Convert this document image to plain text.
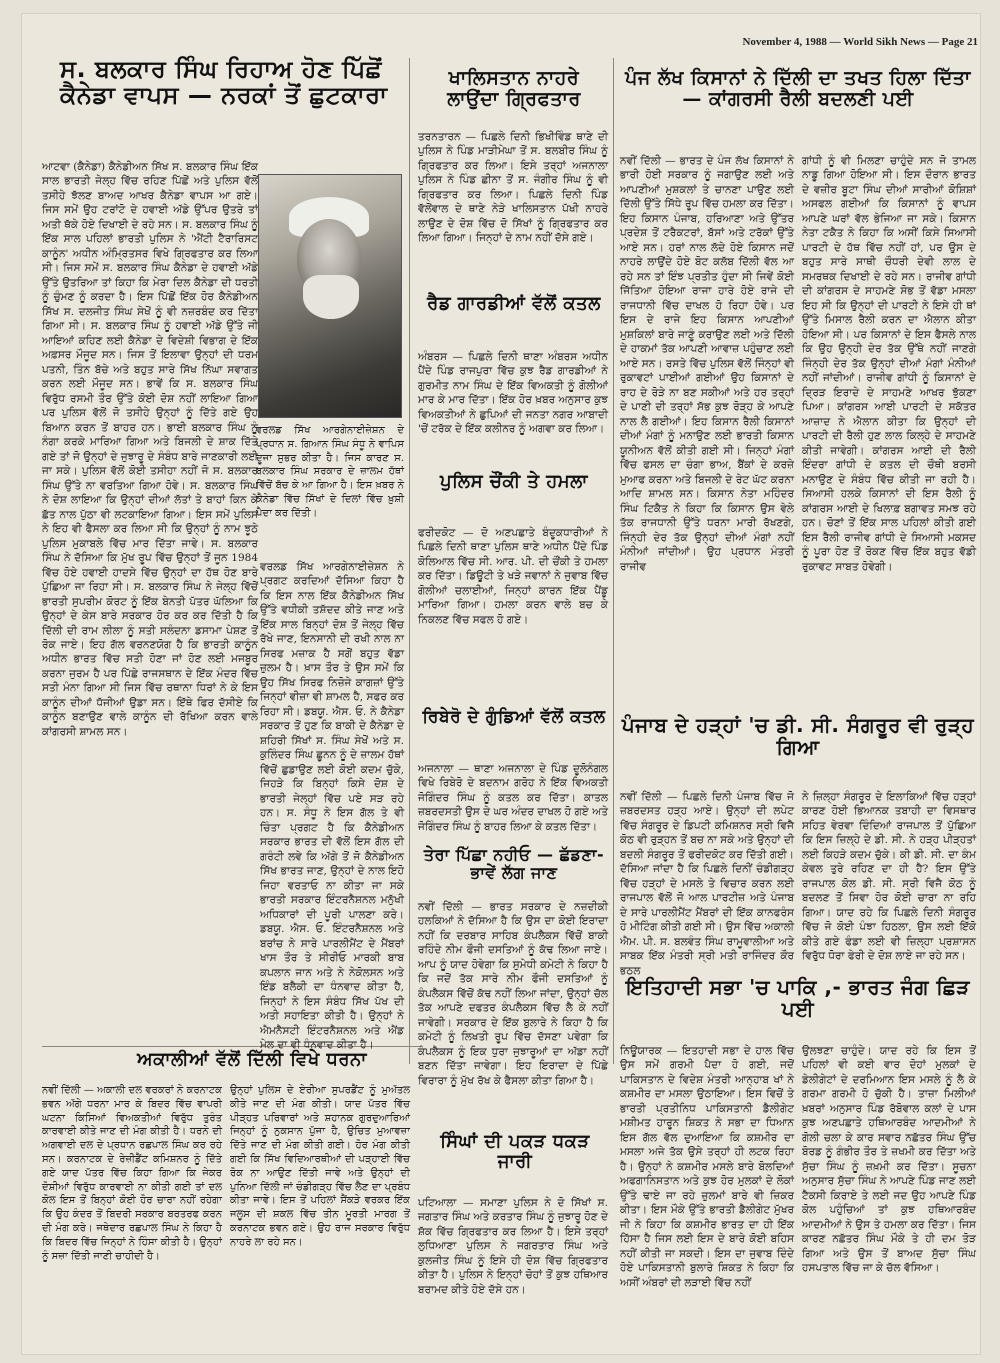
November 4, 1988 — World Sikh News — Page 21
ਸ. ਬਲਕਾਰ ਸਿੰਘ ਰਿਹਾਅ ਹੋਣ ਪਿੱਛੋਂ ਕੈਨੇਡਾ ਵਾਪਸ — ਨਰਕਾਂ ਤੋਂ ਛੁਟਕਾਰਾ
ਆਟਵਾ (ਕੈਨੇਡਾ) ਕੈਨੇਡੀਅਨ ਸਿੱਖ ਸ. ਬਲਕਾਰ ਸਿੰਘ ਇੱਕ ਸਾਲ ਭਾਰਤੀ ਜੇਲ੍ਹ ਵਿੱਚ ਰਹਿਣ ਪਿੱਛੋਂ ਅਤੇ ਪੁਲਿਸ ਵੱਲੋਂ ਤਸੀਹੇ ਝੱਲਣ ਬਾਅਦ ਆਖਰ ਕੈਨੇਡਾ ਵਾਪਸ ਆ ਗਏ। ਜਿਸ ਸਮੇਂ ਉਹ ਟਰਾਂਟੋ ਦੇ ਹਵਾਈ ਅੱਡੇ ਉੱਪਰ ਉਤਰੇ ਤਾਂ ਅਤੀ ਥੱਕੇ ਹੋਏ ਦਿਖਾਈ ਦੇ ਰਹੇ ਸਨ। ਸ. ਬਲਕਾਰ ਸਿੰਘ ਨੂੰ ਇੱਕ ਸਾਲ ਪਹਿਲਾਂ ਭਾਰਤੀ ਪੁਲਿਸ ਨੇ 'ਐਂਟੀ ਟੈਰਾਰਿਸਟ ਕਾਨੂੰਨ' ਅਧੀਨ ਅੰਮ੍ਰਿਤਸਰ ਵਿਖੇ ਗ੍ਰਿਫਤਾਰ ਕਰ ਲਿਆ ਸੀ। ਜਿਸ ਸਮੇਂ ਸ. ਬਲਕਾਰ ਸਿੰਘ ਕੈਨੇਡਾ ਦੇ ਹਵਾਈ ਅੱਡੇ ਉੱਤੇ ਉਤਰਿਆ ਤਾਂ ਕਿਹਾ ਕਿ ਮੇਰਾ ਦਿਲ ਕੈਨੇਡਾ ਦੀ ਧਰਤੀ ਨੂੰ ਚੁੰਮਣ ਨੂੰ ਕਰਦਾ ਹੈ। ਇਸ ਪਿੱਛੋਂ ਇੱਕ ਹੋਰ ਕੈਨੇਡੀਅਨ ਸਿੱਖ ਸ. ਦਲਜੀਤ ਸਿੰਘ ਸੇਖੋਂ ਨੂੰ ਵੀ ਨਜ਼ਰਬੰਦ ਕਰ ਦਿੱਤਾ ਗਿਆ ਸੀ। ਸ. ਬਲਕਾਰ ਸਿੰਘ ਨੂੰ ਹਵਾਈ ਅੱਡੇ ਉੱਤੇ ਜੀ ਆਇਆਂ ਕਹਿਣ ਲਈ ਕੈਨੇਡਾ ਦੇ ਵਿਦੇਸ਼ੀ ਵਿਭਾਗ ਦੇ ਇੱਕ ਅਫ਼ਸਰ ਮੌਜੂਦ ਸਨ। ਜਿਸ ਤੋਂ ਇਲਾਵਾ ਉਨ੍ਹਾਂ ਦੀ ਧਰਮ ਪਤਨੀ, ਤਿੰਨ ਬੱਚੇ ਅਤੇ ਬਹੁਤ ਸਾਰੇ ਸਿੱਖ ਨਿੱਘਾ ਸਵਾਗਤ ਕਰਨ ਲਈ ਮੌਜੂਦ ਸਨ। ਭਾਵੇਂ ਕਿ ਸ. ਬਲਕਾਰ ਸਿੰਘ ਵਿਰੁੱਧ ਰਸਮੀ ਤੌਰ ਉੱਤੇ ਕੋਈ ਦੋਸ਼ ਨਹੀਂ ਲਾਇਆ ਗਿਆ ਪਰ ਪੁਲਿਸ ਵੱਲੋਂ ਜੋ ਤਸੀਹੇ ਉਨ੍ਹਾਂ ਨੂੰ ਦਿੱਤੇ ਗਏ ਉਹ ਬਿਆਨ ਕਰਨ ਤੋਂ ਬਾਹਰ ਹਨ। ਭਾਈ ਬਲਕਾਰ ਸਿੰਘ ਨੂੰ ਨੰਗਾ ਕਰਕੇ ਮਾਰਿਆ ਗਿਆ ਅਤੇ ਬਿਜਲੀ ਦੇ ਸ਼ਾਕ ਦਿੱਤੇ ਗਏ ਤਾਂ ਜੋ ਉਨ੍ਹਾਂ ਦੇ ਜੁਝਾਰੂ ਦੇ ਸੰਬੰਧ ਬਾਰੇ ਜਾਣਕਾਰੀ ਲਈ ਜਾ ਸਕੇ। ਪੁਲਿਸ ਵੱਲੋਂ ਕੋਈ ਤਸੀਹਾ ਨਹੀਂ ਜੋ ਸ. ਬਲਕਾਰ ਸਿੰਘ ਉੱਤੇ ਨਾ ਵਰਤਿਆ ਗਿਆ ਹੋਵੇ। ਸ. ਬਲਕਾਰ ਸਿੰਘ ਨੇ ਦੋਸ਼ ਲਾਇਆ ਕਿ ਉਨ੍ਹਾਂ ਦੀਆਂ ਲੱਤਾਂ ਤੇ ਬਾਹਾਂ ਕਿਨ ਕੇ ਛੱਤ ਨਾਲ ਪੁੱਠਾ ਵੀ ਲਟਕਾਇਆ ਗਿਆ। ਇਸ ਸਮੇਂ ਪੁਲਿਸ ਨੇ ਇਹ ਵੀ ਫੈਸਲਾ ਕਰ ਲਿਆ ਸੀ ਕਿ ਉਨ੍ਹਾਂ ਨੂੰ ਨਾਮ ਝੂਠੇ ਪੁਲਿਸ ਮੁਕਾਬਲੇ ਵਿੱਚ ਮਾਰ ਦਿੱਤਾ ਜਾਵੇ। ਸ. ਬਲਕਾਰ ਸਿੰਘ ਨੇ ਦੱਸਿਆ ਕਿ ਮੁੱਖ ਰੂਪ ਵਿੱਚ ਉਨ੍ਹਾਂ ਤੋਂ ਜੂਨ 1984 ਵਿੱਚ ਹੋਏ ਹਵਾਈ ਹਾਦਸੇ ਵਿੱਚ ਉਨ੍ਹਾਂ ਦਾ ਹੱਥ ਹੋਣ ਬਾਰੇ ਪੁੱਛਿਆ ਜਾ ਰਿਹਾ ਸੀ। ਸ. ਬਲਕਾਰ ਸਿੰਘ ਨੇ ਜੇਲ੍ਹ ਵਿੱਚੋਂ ਭਾਰਤੀ ਸੁਪਰੀਮ ਕੋਰਟ ਨੂੰ ਇੱਕ ਬੇਨਤੀ ਪੱਤਰ ਘੱਲਿਆ ਕਿ ਉਨ੍ਹਾਂ ਦੇ ਕੇਸ ਬਾਰੇ ਸਰਕਾਰ ਹੋਰ ਕਰ ਕਰ ਦਿੱਤੀ ਹੈ ਕਿ ਦਿੱਲੀ ਦੀ ਰਾਮ ਲੀਲਾ ਨੂੰ ਸਤੀ ਸਲੰਦਨਾ ਡਸਾਮਾ ਪੇਸ਼ਣ ਤੋਂ ਰੋਕ ਜਾਏ। ਇਹ ਗੱਲ ਵਰਨਣਯੋਗ ਹੈ ਕਿ ਭਾਰਤੀ ਕਾਨੂੰਨ ਅਧੀਨ ਭਾਰਤ ਵਿੱਚ ਸਤੀ ਹੋਣਾ ਜਾਂ ਹੋਣ ਲਈ ਮਜਬੂਰ ਕਰਨਾ ਜੁਰਮ ਹੈ ਪਰ ਪਿੱਛੇ ਰਾਜਸਥਾਨ ਦੇ ਇੱਕ ਮੰਦਰ ਵਿੱਚ ਸਤੀ ਮੰਨਾ ਗਿਆ ਸੀ ਜਿਸ ਵਿੱਚ ਰਥਾਨਾ ਧਿਰਾਂ ਨੇ ਕੇ ਇਸ ਕਾਨੂੰਨ ਦੀਆਂ ਧੱਜੀਆਂ ਉਡਾ ਸਨ। ਇੱਥੇ ਫਿਰ ਦੱਸੀਏ ਕਿ ਕਾਨੂੰਨ ਬਣਾਉਣ ਵਾਲੇ ਕਾਨੂੰਨ ਦੀ ਰੱਖਿਆ ਕਰਨ ਵਾਲੇ ਕਾਂਗਰਸੀ ਸ਼ਾਮਲ ਸਨ।
ਵਰਲਡ ਸਿੱਖ ਆਰਗੇਨਾਈਜ਼ੇਸ਼ਨ ਦੇ ਪ੍ਰਧਾਨ ਸ. ਗਿਆਨ ਸਿੰਘ ਸੰਧੂ ਨੇ ਵਾਪਿਸ ਦੂਜਾ ਸੁਭਰ ਕੀਤਾ ਹੈ। ਜਿਸ ਕਾਰਣ ਸ. ਬਲਕਾਰ ਸਿੰਘ ਸਰਕਾਰ ਦੇ ਜ਼ਾਲਮ ਹੱਥਾਂ ਵਿੱਚੋਂ ਬੱਚ ਕੇ ਆ ਗਿਆ ਹੈ। ਇਸ ਖ਼ਬਰ ਨੇ ਕੈਨੇਡਾ ਵਿੱਚ ਸਿੱਖਾਂ ਦੇ ਦਿਲਾਂ ਵਿੱਚ ਖ਼ੁਸ਼ੀ ਪੈਦਾ ਕਰ ਦਿੱਤੀ।
ਵਰਲਡ ਸਿੱਖ ਆਰਗੇਨਾਈਜ਼ੇਸ਼ਨ ਨੇ ਪ੍ਰਗਟ ਕਰਦਿਆਂ ਦੱਸਿਆ ਕਿਹਾ ਹੈ ਕਿ ਇਸ ਨਾਲ ਇੱਕ ਕੈਨੇਡੀਅਨ ਸਿੱਖ ਉੱਤੇ ਵਧੀਕੀ ਤਸ਼ੱਦਦ ਕੀਤੇ ਜਾਣ ਅਤੇ ਇੱਕ ਸਾਲ ਬਿਨ੍ਹਾਂ ਦੋਸ਼ ਤੋਂ ਜੇਲ੍ਹ ਵਿੱਚ ਰੱਖੇ ਜਾਣ, ਇਨਸਾਨੀ ਦੀ ਰਖੀ ਨਾਲ ਨਾ ਸਿਰਫ ਮਜ਼ਾਕ ਹੈ ਸਗੋਂ ਬਹੁਤ ਵੱਡਾ ਜ਼ੁਲਮ ਹੈ। ਖ਼ਾਸ ਤੌਰ ਤੇ ਉਸ ਸਮੇਂ ਕਿ ਉਹ ਸਿੱਖ ਸਿਰਫ ਨਿਜ਼ੋਜੇ ਕਾਗਜ਼ਾਂ ਉੱਤੇ ਜਿਨ੍ਹਾਂ ਵੀਜ਼ਾ ਵੀ ਸ਼ਾਮਲ ਹੈ, ਸਫਰ ਕਰ ਰਿਹਾ ਸੀ। ਡਬਯੂ. ਐਸ. ਓ. ਨੇ ਕੈਨੇਡਾ ਸਰਕਾਰ ਤੋਂ ਹੁਣ ਕਿ ਬਾਕੀ ਦੇ ਕੈਨੇਡਾ ਦੇ ਸ਼ਹਿਰੀ ਸਿੱਖਾਂ ਸ. ਸਿੰਘ ਸੇਖੋਂ ਅਤੇ ਸ. ਕੁਲਿੰਦਰ ਸਿੰਘ ਛੂਨਨ ਨੂੰ ਦੇ ਜ਼ਾਲਮ ਹੱਥਾਂ ਵਿੱਚੋਂ ਛੁਡਾਉਣ ਲਈ ਕੋਈ ਕਦਮ ਚੁੱਕੇ, ਜਿਹੜੇ ਕਿ ਬਿਨ੍ਹਾਂ ਕਿਸੇ ਦੋਸ਼ ਦੇ ਭਾਰਤੀ ਜੇਲ੍ਹਾਂ ਵਿੱਚ ਪਏ ਸੜ ਰਹੇ ਹਨ। ਸ. ਸੰਧੂ ਨੇ ਇਸ ਗੱਲ ਤੇ ਵੀ ਚਿੰਤਾ ਪ੍ਰਗਟ ਹੈ ਕਿ ਕੈਨੇਡੀਅਨ ਸਰਕਾਰ ਭਾਰਤ ਦੀ ਵੱਲੋਂ ਇਸ ਗੱਲ ਦੀ ਗਰੰਟੀ ਲਵੇ ਕਿ ਅੱਗੇ ਤੋਂ ਜੋ ਕੈਨੇਡੀਅਨ ਸਿੱਖ ਭਾਰਤ ਜਾਣ, ਉਨ੍ਹਾਂ ਦੇ ਨਾਲ ਇਹੋ ਜਿਹਾ ਵਰਤਾਓ ਨਾ ਕੀਤਾ ਜਾ ਸਕੇ ਭਾਰਤੀ ਸਰਕਾਰ ਇੰਟਰਨੈਸ਼ਨਲ ਮਨੁੱਖੀ ਅਧਿਕਾਰਾਂ ਦੀ ਪੂਰੀ ਪਾਲਣਾ ਕਰੇ। ਡਬਯੂ. ਐਸ. ਓ. ਇੰਟਰਨੈਸ਼ਨਲ ਅਤੇ ਬਰਾਂਚ ਨੇ ਸਾਰੇ ਪਾਰਲੀਮੈਂਟ ਦੇ ਮੈਂਬਰਾਂ ਖਾਸ ਤੌਰ ਤੇ ਸੀਰੀਓ ਮਾਰਕੀ ਬਾਬ ਕਪਲਾਨ ਜਾਨ ਅਤੇ ਨੇ ਨੇਕੋਲਸਨ ਅਤੇ ਇੰਡ ਬਲੈਕੀ ਦਾ ਧੰਨਵਾਦ ਕੀਤਾ ਹੈ, ਜਿਨ੍ਹਾਂ ਨੇ ਇਸ ਸੰਬੰਧ ਸਿੱਖ ਪੱਖ ਦੀ ਅਤੀ ਸਹਾਇਤਾ ਕੀਤੀ ਹੈ। ਉਨ੍ਹਾਂ ਨੇ ਐਮਨੈਸਟੀ ਇੰਟਰਨੈਸ਼ਨਲ ਅਤੇ ਐਂਡ ਮੇਲ ਦਾ ਵੀ ਧੰਨਵਾਦ ਕੀਤਾ ਹੈ।
ਖਾਲਿਸਤਾਨ ਨਾਹਰੇ ਲਾਉਂਦਾ ਗ੍ਰਿਫਤਾਰ
ਤਰਨਤਾਰਨ — ਪਿਛਲੇ ਦਿਨੀ ਭਿਖੀਵਿੰਡ ਥਾਣੇ ਦੀ ਪੁਲਿਸ ਨੇ ਪਿੰਡ ਮਾੜੀਮੇਘਾ ਤੋਂ ਸ. ਬਲਬੀਰ ਸਿੰਘ ਨੂੰ ਗ੍ਰਿਫਤਾਰ ਕਰ ਲਿਆ। ਇਸੇ ਤਰ੍ਹਾਂ ਅਜਨਾਲਾ ਪੁਲਿਸ ਨੇ ਪਿੰਡ ਛੀਨਾ ਤੋਂ ਸ. ਜੰਗੀਰ ਸਿੰਘ ਨੂੰ ਵੀ ਗ੍ਰਿਫਤਾਰ ਕਰ ਲਿਆ। ਪਿਛਲੇ ਦਿਨੀ ਪਿੰਡ ਵੱਲੋਂਵਾਲ ਦੇ ਥਾਣੇ ਨੇੜੇ ਖਾਲਿਸਤਾਨ ਪੱਖੀ ਨਾਹਰੇ ਲਾਉਣ ਦੇ ਦੋਸ਼ ਵਿੱਚ ਦੋ ਸਿੱਖਾਂ ਨੂੰ ਗ੍ਰਿਫਤਾਰ ਕਰ ਲਿਆ ਗਿਆ। ਜਿਨ੍ਹਾਂ ਦੇ ਨਾਮ ਨਹੀਂ ਦੱਸੇ ਗਏ।
ਰੈਡ ਗਾਰਡੀਆਂ ਵੱਲੋਂ ਕਤਲ
ਅੰਬਰਸ — ਪਿਛਲੇ ਦਿਨੀ ਥਾਣਾ ਅੰਬਰਸ ਅਧੀਨ ਪੈਂਦੇ ਪਿੰਡ ਰਾਜਪੁਰਾ ਵਿੱਚ ਕੁਝ ਰੈਡ ਗਾਰਡੀਆਂ ਨੇ ਗੁਰਮੀਤ ਨਾਮ ਸਿੰਘ ਦੇ ਇੱਕ ਵਿਅਕਤੀ ਨੂੰ ਗੋਲੀਆਂ ਮਾਰ ਕੇ ਮਾਰ ਦਿੱਤਾ। ਇੱਕ ਹੋਰ ਖ਼ਬਰ ਅਨੁਸਾਰ ਕੁਝ ਵਿਅਕਤੀਆਂ ਨੇ ਛੁਪਿਆਂ ਦੀ ਜਨਤਾ ਨਗਰ ਆਬਾਦੀ 'ਚੋਂ ਟਰੱਕ ਦੇ ਇੱਕ ਕਲੀਨਰ ਨੂੰ ਅਗਵਾ ਕਰ ਲਿਆ।
ਪੁਲਿਸ ਚੌਂਕੀ ਤੇ ਹਮਲਾ
ਫਰੀਦਕੋਟ — ਦੋ ਅਣਪਛਾਤੇ ਬੰਦੂਕਧਾਰੀਆਂ ਨੇ ਪਿਛਲੇ ਦਿਨੀ ਥਾਣਾ ਪੁਲਿਸ ਥਾਣੇ ਅਧੀਨ ਪੈਂਦੇ ਪਿੰਡ ਕੋਲਿਆਲ ਵਿੱਚ ਸੀ. ਆਰ. ਪੀ. ਦੀ ਚੌਂਕੀ ਤੇ ਹਮਲਾ ਕਰ ਦਿੱਤਾ। ਡਿਊਟੀ ਤੇ ਖੜੇ ਜਵਾਨਾਂ ਨੇ ਜੁਵਾਬ ਵਿੱਚ ਗੋਲੀਆਂ ਚਲਾਈਆਂ, ਜਿਨ੍ਹਾਂ ਕਾਰਨ ਇੱਕ ਪੈਂਡੂ ਮਾਰਿਆ ਗਿਆ। ਹਮਲਾ ਕਰਨ ਵਾਲੇ ਬਚ ਕੇ ਨਿਕਲਣ ਵਿੱਚ ਸਫਲ ਹੋ ਗਏ।
ਰਿਬੇਰੋ ਦੇ ਗੁੰਡਿਆਂ ਵੱਲੋਂ ਕਤਲ
ਅਜਨਾਲਾ — ਥਾਣਾ ਅਜਨਾਲਾ ਦੇ ਪਿੰਡ ਦੂਲੋਨੰਗਲ ਵਿਖੇ ਰਿਬੇਰੋ ਦੇ ਬਦਨਾਮ ਗਰੋਹ ਨੇ ਇੱਕ ਵਿਅਕਤੀ ਜੋਗਿੰਦਰ ਸਿੰਘ ਨੂੰ ਕਤਲ ਕਰ ਦਿੱਤਾ। ਕਾਤਲ ਜ਼ਬਰਦਸਤੀ ਉਸ ਦੇ ਘਰ ਅੰਦਰ ਦਾਖਲ ਹੋ ਗਏ ਅਤੇ ਜੋਗਿੰਦਰ ਸਿੰਘ ਨੂੰ ਬਾਹਰ ਲਿਆ ਕੇ ਕਤਲ ਦਿੱਤਾ।
ਤੇਰਾ ਪਿੱਛਾ ਨਹੀਓ — ਛੱਡਣਾ-ਭਾਵੇਂ ਲੱਗ ਜਾਣ
ਨਵੀਂ ਦਿੱਲੀ — ਭਾਰਤ ਸਰਕਾਰ ਦੇ ਨਜ਼ਦੀਕੀ ਹਲਕਿਆਂ ਨੇ ਦੱਸਿਆ ਹੈ ਕਿ ਉਸ ਦਾ ਕੋਈ ਇਰਾਦਾ ਨਹੀਂ ਕਿ ਦਰਬਾਰ ਸਾਹਿਬ ਕੰਪਲੈਕਸ ਵਿੱਚੋਂ ਬਾਕੀ ਰਹਿੰਦੇ ਨੀਮ ਫੌਜੀ ਦਸਤਿਆਂ ਨੂੰ ਕੱਢ ਲਿਆ ਜਾਏ। ਆਪ ਨੂੰ ਯਾਦ ਹੋਵੇਗਾ ਕਿ ਸੁਮੇਧੀ ਕਮੇਟੀ ਨੇ ਕਿਹਾ ਹੈ ਕਿ ਜਦੋਂ ਤੱਕ ਸਾਰੇ ਨੀਮ ਫੌਜੀ ਦਸਤਿਆਂ ਨੂੰ ਕੰਪਲੈਕਸ ਵਿੱਚੋਂ ਕੱਢ ਨਹੀਂ ਲਿਆ ਜਾਂਦਾ, ਉਨ੍ਹਾਂ ਚੱਲ ਤੱਕ ਆਪਣੇ ਦਫਤਰ ਕੰਪਲੈਕਸ ਵਿੱਚ ਲੈ ਕੇ ਨਹੀਂ ਜਾਵੇਗੀ। ਸਰਕਾਰ ਦੇ ਇੱਕ ਬੁਲਾਰੇ ਨੇ ਕਿਹਾ ਹੈ ਕਿ ਕਮੇਟੀ ਨੂੰ ਲਿਖਤੀ ਰੂਪ ਵਿੱਚ ਦੱਸਣਾ ਪਵੇਗਾ ਕਿ ਕੰਪਲੈਕਸ ਨੂੰ ਇਕ ਧੁਰਾ ਜੁਝਾਰੂਆਂ ਦਾ ਅੱਡਾ ਨਹੀਂ ਬਣਨ ਦਿੱਤਾ ਜਾਵੇਗਾ। ਇਹ ਇਰਾਦਾ ਦੇ ਪਿੱਛੇ ਵਿਰਾਰਾ ਨੂੰ ਮੁੱਖ ਰੱਖ ਕੇ ਫੈਸਲਾ ਕੀਤਾ ਗਿਆ ਹੈ।
ਪੰਜ ਲੱਖ ਕਿਸਾਨਾਂ ਨੇ ਦਿੱਲੀ ਦਾ ਤਖਤ ਹਿਲਾ ਦਿੱਤਾ — ਕਾਂਗਰਸੀ ਰੈਲੀ ਬਦਲਣੀ ਪਈ
ਨਵੀਂ ਦਿੱਲੀ — ਭਾਰਤ ਦੇ ਪੰਜ ਲੱਖ ਕਿਸਾਨਾਂ ਨੇ ਭਾਰੀ ਹੋਈ ਸਰਕਾਰ ਨੂੰ ਜਗਾਉਣ ਲਈ ਅਤੇ ਆਪਣੀਆਂ ਮੁਸ਼ਕਲਾਂ ਤੇ ਚਾਨਣਾ ਪਾਉਣ ਲਈ ਦਿੱਲੀ ਉੱਤੇ ਸਿੱਧੇ ਰੂਪ ਵਿੱਚ ਹਮਲਾ ਕਰ ਦਿੱਤਾ। ਇਹ ਕਿਸਾਨ ਪੰਜਾਬ, ਹਰਿਆਣਾ ਅਤੇ ਉੱਤਰ ਪ੍ਰਦੇਸ਼ ਤੋਂ ਟਰੈਕਟਰਾਂ, ਬੱਸਾਂ ਅਤੇ ਟਰੱਕਾਂ ਉੱਤੇ ਆਏ ਸਨ। ਹਰਾਂ ਨਾਲ ਲੱਦੇ ਹੋਏ ਕਿਸਾਨ ਜਦੋਂ ਨਾਹਰੇ ਲਾਉਂਦੇ ਹੋਏ ਬੋਟ ਕਲੱਬ ਦਿੱਲੀ ਵੱਲ ਆ ਰਹੇ ਸਨ ਤਾਂ ਇੰਝ ਪ੍ਰਤੀਤ ਹੁੰਦਾ ਸੀ ਜਿਵੇਂ ਕੋਈ ਜਿੱਤਿਆ ਹੋਇਆ ਰਾਜਾ ਹਾਰੇ ਹੋਏ ਰਾਜੇ ਦੀ ਰਾਜਧਾਨੀ ਵਿੱਚ ਦਾਖਲ ਹੋ ਰਿਹਾ ਹੋਵੇ। ਪਰ ਇਸ ਦੇ ਰਾਜੇ ਇਹ ਕਿਸਾਨ ਆਪਣੀਆਂ ਮੁਸ਼ਕਿਲਾਂ ਬਾਰੇ ਜਾਣੂੰ ਕਰਾਉਣ ਲਈ ਅਤੇ ਦਿੱਲੀ ਦੇ ਹਾਕਮਾਂ ਤੱਕ ਆਪਣੀ ਆਵਾਜ਼ ਪਹੁੰਚਾਣ ਲਈ ਆਏ ਸਨ। ਰਸਤੇ ਵਿੱਚ ਪੁਲਿਸ ਵੱਲੋਂ ਜਿੰਨ੍ਹਾਂ ਵੀ ਰੁਕਾਵਟਾਂ ਪਾਈਆਂ ਗਈਆਂ ਉਹ ਕਿਸਾਨਾਂ ਦੇ ਰਾਹ ਦੇ ਰੋੜੇ ਨਾ ਬਣ ਸਕੀਆਂ ਅਤੇ ਹਰ ਤਰ੍ਹਾਂ ਦੇ ਪਾਣੀ ਦੀ ਤਰ੍ਹਾਂ ਸੱਭ ਕੁਝ ਰੋੜ੍ਹ ਕੇ ਆਪਣੇ ਨਾਲ ਲੈ ਗਈਆਂ। ਇਹ ਕਿਸਾਨ ਰੈਲੀ ਕਿਸਾਨਾਂ ਦੀਆਂ ਮੰਗਾਂ ਨੂੰ ਮਨਾਉਣ ਲਈ ਭਾਰਤੀ ਕਿਸਾਨ ਯੂਨੀਅਨ ਵੱਲੋਂ ਕੀਤੀ ਗਈ ਸੀ। ਜਿਨ੍ਹਾਂ ਮੰਗਾਂ ਵਿੱਚ ਫਸਲ ਦਾ ਚੰਗਾ ਭਾਅ, ਬੈਂਕਾਂ ਦੇ ਕਰਜ਼ੇ ਮੁਆਫ ਕਰਨਾ ਅਤੇ ਬਿਜਲੀ ਦੇ ਰੇਟ ਘੱਟ ਕਰਨਾ ਆਦਿ ਸ਼ਾਮਲ ਸਨ। ਕਿਸਾਨ ਨੇਤਾ ਮਹਿੰਦਰ ਸਿੰਘ ਟਿਕੈਤ ਨੇ ਕਿਹਾ ਕਿ ਕਿਸਾਨ ਉਸ ਵੇਲੇ ਤੱਕ ਰਾਜਧਾਨੀ ਉੱਤੇ ਧਰਨਾ ਮਾਰੀ ਰੱਖਣਗੇ, ਜਿੰਨ੍ਹੀ ਦੇਰ ਤੱਕ ਉਨ੍ਹਾਂ ਦੀਆਂ ਮੰਗਾਂ ਨਹੀਂ ਮੰਨੀਆਂ ਜਾਂਦੀਆਂ। ਉਹ ਪ੍ਰਧਾਨ ਮੰਤਰੀ ਰਾਜੀਵ
ਗਾਂਧੀ ਨੂੰ ਵੀ ਮਿਲਣਾ ਚਾਹੁੰਦੇ ਸਨ ਜੋ ਤਾਮਲ ਨਾਡੂ ਗਿਆ ਹੋਇਆ ਸੀ। ਇਸ ਦੌਰਾਨ ਭਾਰਤ ਦੇ ਵਜ਼ੀਰ ਬੂਟਾ ਸਿੰਘ ਦੀਆਂ ਸਾਰੀਆਂ ਕੋਸ਼ਿਸ਼ਾਂ ਅਸਫਲ ਗਈਆਂ ਕਿ ਕਿਸਾਨਾਂ ਨੂੰ ਵਾਪਸ ਆਪਣੇ ਘਰਾਂ ਵੱਲ ਭੇਜਿਆ ਜਾ ਸਕੇ। ਕਿਸਾਨ ਨੇਤਾ ਟਕੈਤ ਨੇ ਕਿਹਾ ਕਿ ਅਸੀਂ ਕਿਸੇ ਸਿਆਸੀ ਪਾਰਟੀ ਦੇ ਹੱਥ ਵਿੱਚ ਨਹੀਂ ਹਾਂ, ਪਰ ਉਸ ਦੇ ਬਹੁਤ ਸਾਰੇ ਸਾਥੀ ਚੌਧਰੀ ਦੇਵੀ ਲਾਲ ਦੇ ਸਮਰਥਕ ਦਿਖਾਈ ਦੇ ਰਹੇ ਸਨ। ਰਾਜੀਵ ਗਾਂਧੀ ਦੀ ਕਾਂਗਰਸ ਦੇ ਸਾਹਮਣੇ ਸੋਭ ਤੋਂ ਵੱਡਾ ਮਸਲਾ ਇਹ ਸੀ ਕਿ ਉਨ੍ਹਾਂ ਦੀ ਪਾਰਟੀ ਨੇ ਇਸੇ ਹੀ ਥਾਂ ਉੱਤੇ ਮਿਸਾਲ ਰੈਲੀ ਕਰਨ ਦਾ ਐਲਾਨ ਕੀਤਾ ਹੋਇਆ ਸੀ। ਪਰ ਕਿਸਾਨਾਂ ਦੇ ਇਸ ਫੈਸਲੇ ਨਾਲ ਕਿ ਉਹ ਉਨ੍ਹੀ ਦੇਰ ਤੱਕ ਉੱਥੇ ਨਹੀਂ ਜਾਣਗੇ ਜਿੰਨ੍ਹੀ ਦੇਰ ਤੱਕ ਉਨ੍ਹਾਂ ਦੀਆਂ ਮੰਗਾਂ ਮੰਨੀਆਂ ਨਹੀਂ ਜਾਂਦੀਆਂ। ਰਾਜੀਵ ਗਾਂਧੀ ਨੂੰ ਕਿਸਾਨਾਂ ਦੇ ਦ੍ਰਿੜ ਇਰਾਦੇ ਦੇ ਸਾਹਮਣੇ ਆਖਰ ਝੁੱਕਣਾ ਪਿਆ। ਕਾਂਗਰਸ ਆਈ ਪਾਰਟੀ ਦੇ ਸਕੱਤਰ ਆਜ਼ਾਦ ਨੇ ਐਲਾਨ ਕੀਤਾ ਕਿ ਉਨ੍ਹਾਂ ਦੀ ਪਾਰਟੀ ਦੀ ਰੈਲੀ ਹੁਣ ਲਾਲ ਕਿਲ੍ਹੇ ਦੇ ਸਾਹਮਣੇ ਕੀਤੀ ਜਾਵੇਗੀ। ਕਾਂਗਰਸ ਆਈ ਦੀ ਰੈਲੀ ਇੰਦਰਾ ਗਾਂਧੀ ਦੇ ਕਤਲ ਦੀ ਚੌਥੀ ਬਰਸੀ ਮਨਾਉਣ ਦੇ ਸੰਬੰਧ ਵਿੱਚ ਕੀਤੀ ਜਾ ਰਹੀ ਹੈ। ਸਿਆਸੀ ਹਲਕੇ ਕਿਸਾਨਾਂ ਦੀ ਇਸ ਰੈਲੀ ਨੂੰ ਕਾਂਗਰਸ ਆਈ ਦੇ ਖਿਲਾਫ਼ ਬਗਾਵਤ ਸਮਝ ਰਹੇ ਹਨ। ਚੋਣਾਂ ਤੋਂ ਇੱਕ ਸਾਲ ਪਹਿਲਾਂ ਕੀਤੀ ਗਈ ਇਸ ਰੈਲੀ ਰਾਜੀਵ ਗਾਂਧੀ ਦੇ ਸਿਆਸੀ ਮਕਸਦ ਨੂੰ ਪੂਰਾ ਹੋਣ ਤੋਂ ਰੋਕਣ ਵਿੱਚ ਇੱਕ ਬਹੁਤ ਵੱਡੀ ਰੁਕਾਵਟ ਸਾਬਤ ਹੋਵੇਗੀ।
ਪੰਜਾਬ ਦੇ ਹੜ੍ਹਾਂ 'ਚ ਡੀ. ਸੀ. ਸੰਗਰੂਰ ਵੀ ਰੁੜ੍ਹ ਗਿਆ
ਨਵੀਂ ਦਿੱਲੀ — ਪਿਛਲੇ ਦਿਨੀ ਪੰਜਾਬ ਵਿੱਚ ਜੋ ਜ਼ਬਰਦਸਤ ਹੜ੍ਹ ਆਏ। ਉਨ੍ਹਾਂ ਦੀ ਲਪੇਟ ਵਿੱਚ ਸੰਗਰੂਰ ਦੇ ਡਿਪਟੀ ਕਮਿਸ਼ਨਰ ਸ੍ਰੀ ਵਿਜੈ ਕੋਠ ਵੀ ਰੁੜ੍ਹਨ ਤੋਂ ਬਚ ਨਾ ਸਕੇ ਅਤੇ ਉਨ੍ਹਾਂ ਦੀ ਬਦਲੀ ਸੰਗਰੂਰ ਤੋਂ ਫਰੀਦਕੋਟ ਕਰ ਦਿੱਤੀ ਗਈ। ਦੱਸਿਆ ਜਾਂਦਾ ਹੈ ਕਿ ਪਿਛਲੇ ਦਿਨੀਂ ਚੰਡੀਗੜ੍ਹ ਵਿੱਚ ਹੜ੍ਹਾਂ ਦੇ ਮਸਲੇ ਤੇ ਵਿਚਾਰ ਕਰਨ ਲਈ ਰਾਜਪਾਲ ਵੱਲੋਂ ਜੋ ਆਲ ਪਾਰਟੀਜ਼ ਅਤੇ ਪੰਜਾਬ ਦੇ ਸਾਰੇ ਪਾਰਲੀਮੈਂਟ ਮੈਂਬਰਾਂ ਦੀ ਇੱਕ ਕਾਨਫਰੰਸ ਹੋ ਮੀਟਿੰਗ ਕੀਤੀ ਗਈ ਸੀ। ਉਸ ਵਿੱਚ ਅਕਾਲੀ ਐਮ. ਪੀ. ਸ. ਬਲਵੰਤ ਸਿੰਘ ਰਾਮੂਵਾਲੀਆ ਅਤੇ ਸਾਬਕ ਇੱਕ ਮੰਤਰੀ ਸ੍ਰੀ ਮਤੀ ਰਾਜਿੰਦਰ ਕੌਰ ਭਠਲ
ਨੇ ਜ਼ਿਲ੍ਹਾ ਸੰਗਰੂਰ ਦੇ ਇਲਾਕਿਆਂ ਵਿੱਚ ਹੜ੍ਹਾਂ ਕਾਰਣ ਹੋਈ ਭਿਆਨਕ ਤਬਾਹੀ ਦਾ ਵਿਸਥਾਰ ਸਹਿਤ ਵੇਰਵਾ ਦਿੰਦਿਆਂ ਰਾਜਪਾਲ ਤੋਂ ਪੁੱਛਿਆ ਕਿ ਇਸ ਜ਼ਿਲ੍ਹੇ ਦੇ ਡੀ. ਸੀ. ਨੇ ਹੜ੍ਹ ਪੀੜ੍ਹਤਾਂ ਲਈ ਕਿਹੜੇ ਕਦਮ ਚੁੱਕੇ। ਕੀ ਡੀ. ਸੀ. ਦਾ ਕੰਮ ਕੇਵਲ ਤੁਰੇ ਰਹਿਣ ਦਾ ਹੀ ਹੈ? ਇਸ ਉੱਤੇ ਰਾਜਪਾਲ ਕੋਲ ਡੀ. ਸੀ. ਸ੍ਰੀ ਵਿਜੈ ਕੋਠ ਨੂੰ ਬਦਲਣ ਤੋਂ ਸਿਵਾ ਹੋਰ ਕੋਈ ਚਾਰਾ ਨਾ ਰਹਿ ਗਿਆ। ਯਾਦ ਰਹੇ ਕਿ ਪਿਛਲੇ ਦਿਨੀ ਸੰਗਰੂਰ ਵਿੱਚ ਜੋ ਕੋਈ ਪੰਝਾ ਹਿਠਲਾ, ਉਸ ਲਈ ਇੱਕੋ ਕੀਤੇ ਗਏ ਫੰਡਾ ਲਈ ਵੀ ਜ਼ਿਲ੍ਹਾ ਪ੍ਰਸ਼ਾਸਨ ਵਿਰੁੱਧ ਧੋਰਾ ਫੇਰੀ ਦੇ ਦੋਸ਼ ਲਾਏ ਜਾ ਰਹੇ ਸਨ।
ਇਤਿਹਾਦੀ ਸਭਾ 'ਚ ਪਾਕਿ ,- ਭਾਰਤ ਜੰਗ ਛਿੜ ਪਈ
ਨਿਊਯਾਰਕ — ਇਤਹਾਦੀ ਸਭਾ ਦੇ ਹਾਲ ਵਿੱਚ ਉਸ ਸਮੇਂ ਗਰਮੀ ਪੈਦਾ ਹੋ ਗਈ, ਜਦੋਂ ਪਾਕਿਸਤਾਨ ਦੇ ਵਿਦੇਸ਼ ਮੰਤਰੀ ਆਨ੍ਹਾਬ ਖਾਂ ਨੇ ਕਸ਼ਮੀਰ ਦਾ ਮਸਲਾ ਉਠਾਇਆ। ਇਸ ਵਿਚੋਂ ਤੇ ਭਾਰਤੀ ਪ੍ਰਤੀਨਿਧ ਪਾਕਿਸਤਾਨੀ ਡੈਲੀਗੇਟ ਮਸ਼ੀਮਤ ਹਾਰੂਨ ਸ਼ਿਕਤ ਨੇ ਸਭਾ ਦਾ ਧਿਆਨ ਇਸ ਗੱਲ ਵੱਲ ਦੁਆਇਆ ਕਿ ਕਸ਼ਮੀਰ ਦਾ ਮਸਲਾ ਅਜੇ ਤੱਕ ਉਸੇ ਤਰ੍ਹਾਂ ਹੀ ਲਟਕ ਰਿਹਾ ਹੈ। ਉਨ੍ਹਾਂ ਨੇ ਕਸ਼ਮੀਰ ਮਸਲੇ ਬਾਰੇ ਬੋਲਦਿਆਂ ਅਫਗਾਨਿਸਤਾਨ ਅਤੇ ਕੁਝ ਹੋਰ ਮੁਲਕਾਂ ਦੇ ਲੋਕਾਂ ਉੱਤੇ ਢਾਏ ਜਾ ਰਹੇ ਜ਼ੁਲਮਾਂ ਬਾਰੇ ਵੀ ਜ਼ਿਕਰ ਕੀਤਾ। ਇਸ ਮੌਕੇ ਉੱਤੇ ਭਾਰਤੀ ਡੈਲੀਗੇਟ ਮੁੱਖਰ ਜੀ ਨੇ ਕਿਹਾ ਕਿ ਕਸ਼ਮੀਰ ਭਾਰਤ ਦਾ ਹੀ ਇੱਕ ਹਿੱਸਾ ਹੈ ਜਿਸ ਲਈ ਇਸ ਦੇ ਬਾਰੇ ਕੋਈ ਬਹਿਸ ਨਹੀਂ ਕੀਤੀ ਜਾ ਸਕਦੀ। ਇਸ ਦਾ ਜੁਵਾਬ ਦਿੰਦੇ ਹੋਏ ਪਾਕਿਸਤਾਨੀ ਬੁਲਾਰੇ ਸ਼ਿਕਤ ਨੇ ਕਿਹਾ ਕਿ ਅਸੀਂ ਅੰਬਰਾਂ ਦੀ ਲੜਾਈ ਵਿੱਚ ਨਹੀਂ
ਉਲਝਣਾ ਚਾਹੁੰਦੇ। ਯਾਦ ਰਹੇ ਕਿ ਇਸ ਤੋਂ ਪਹਿਲਾਂ ਵੀ ਕਈ ਵਾਰ ਦੋਹਾਂ ਮੁਲਕਾਂ ਦੇ ਡੇਲੀਗੇਟਾਂ ਦੇ ਦਰਮਿਆਨ ਇਸ ਮਸਲੇ ਨੂੰ ਲੈ ਕੇ ਗਰਮਾ ਗਰਮੀ ਹੋ ਚੁੱਕੀ ਹੈ। ਤਾਜ਼ਾ ਮਿਲੀਆਂ ਖ਼ਬਰਾਂ ਅਨੁਸਾਰ ਪਿੰਡ ਰੱਬੋਵਾਲ ਕਲਾਂ ਦੇ ਪਾਸ ਕੁਝ ਅਣਪਛਾਤੇ ਹਥਿਆਰਬੰਦ ਆਦਮੀਆਂ ਨੇ ਗੋਲੀ ਚਲਾ ਕੇ ਕਾਰ ਸਵਾਰ ਨਛੱਤਰ ਸਿੰਘ ਉੱਚ ਬੋਰਡ ਨੂੰ ਗੰਭੀਰ ਤੌਰ ਤੇ ਜ਼ਖਮੀ ਕਰ ਦਿੱਤਾ ਅਤੇ ਸੁੱਚਾ ਸਿੰਘ ਨੂੰ ਜ਼ਖ਼ਮੀ ਕਰ ਦਿੱਤਾ। ਸੂਚਨਾ ਅਨੁਸਾਰ ਸੁੱਚਾ ਸਿੰਘ ਨੇ ਆਪਣੇ ਪਿੰਡ ਜਾਣ ਲਈ ਟੈਕਸੀ ਕਿਰਾਏ ਤੇ ਲਈ ਜਦ ਉਹ ਆਪਣੇ ਪਿੰਡ ਕੋਲ ਪਹੁੰਚਿਆਂ ਤਾਂ ਕੁਝ ਹਥਿਆਰਬੰਦ ਆਦਮੀਆਂ ਨੇ ਉਸ ਤੇ ਹਮਲਾ ਕਰ ਦਿੱਤਾ। ਜਿਸ ਕਾਰਣ ਨਛੱਤਰ ਸਿੰਘ ਮੌਕੇ ਤੇ ਹੀ ਦਮ ਤੋੜ ਗਿਆ ਅਤੇ ਉਸ ਤੋਂ ਬਾਅਦ ਸੁੱਚਾ ਸਿੰਘ ਹਸਪਤਾਲ ਵਿੱਚ ਜਾ ਕੇ ਚੱਲ ਵੱਸਿਆ।
ਅਕਾਲੀਆਂ ਵੱਲੋਂ ਦਿੱਲੀ ਵਿਖੇ ਧਰਨਾ
ਨਵੀਂ ਦਿੱਲੀ — ਅਕਾਲੀ ਦਲ ਵਰਕਰਾਂ ਨੇ ਕਰਨਾਟਕ ਭਵਨ ਅੱਗੇ ਧਰਨਾ ਮਾਰ ਕੇ ਬਿਦਰ ਵਿੱਚ ਵਾਪਰੀ ਘਟਨਾ ਕਿਸਿਆਂ ਵਿਅਕਤੀਆਂ ਵਿਰੁੱਧ ਤੁਰੰਤ ਕਾਰਵਾਈ ਕੀਤੇ ਜਾਣ ਦੀ ਮੰਗ ਕੀਤੀ ਹੈ। ਧਰਨੇ ਦੀ ਅਗਵਾਈ ਦਲ ਦੇ ਪ੍ਰਧਾਨ ਰਛਪਾਲ ਸਿੰਘ ਕਰ ਰਹੇ ਸਨ। ਕਰਨਾਟਕ ਦੇ ਰੇਜ਼ੀਡੈਂਟ ਕਮਿਸ਼ਨਰ ਨੂੰ ਦਿੱਤੇ ਗਏ ਯਾਦ ਪੱਤਰ ਵਿੱਚ ਕਿਹਾ ਗਿਆ ਕਿ ਜੇਕਰ ਦੋਸ਼ੀਆਂ ਵਿਰੁੱਧ ਕਾਰਵਾਈ ਨਾ ਕੀਤੀ ਗਈ ਤਾਂ ਦਲ ਕੋਲ ਇਸ ਤੋਂ ਬਿਨ੍ਹਾਂ ਕੋਈ ਹੋਰ ਚਾਰਾ ਨਹੀਂ ਰਹੇਗਾ ਕਿ ਉਹ ਕੰਦਰ ਤੋਂ ਬਿਦਰੀ ਸਰਕਾਰ ਬਰਤਰਫ ਕਰਨ ਦੀ ਮੰਗ ਕਰੇ। ਜਥੇਦਾਰ ਰਛਪਾਲ ਸਿੰਘ ਨੇ ਕਿਹਾ ਹੈ ਕਿ ਬਿਦਰ ਵਿੱਚ ਜਿਨ੍ਹਾਂ ਨੇ ਹਿੰਸਾ ਕੀਤੀ ਹੈ। ਉਨ੍ਹਾਂ ਨੂੰ ਸਜ਼ਾ ਦਿੱਤੀ ਜਾਣੀ ਚਾਹੀਦੀ ਹੈ।
ਉਨ੍ਹਾਂ ਪੁਲਿਸ ਦੇ ਏਰੀਆ ਸੁਪਰਡੈਂਟ ਨੂੰ ਮੁਅੱਤਲ ਕੀਤੇ ਜਾਣ ਦੀ ਮੰਗ ਕੀਤੀ। ਯਾਦ ਪੱਤਰ ਵਿੱਚ ਪੀੜ੍ਹਤ ਪਰਿਵਾਰਾਂ ਅਤੇ ਸ਼ਹਾਨਕ ਗੁਰਦੁਆਰਿਆਂ ਜਿਨ੍ਹਾਂ ਨੂੰ ਨੁਕਸਾਨ ਪੁੱਜਾ ਹੈ, ਉਚਿਤ ਮੁਆਵਜ਼ਾ ਦਿੱਤੇ ਜਾਣ ਦੀ ਮੰਗ ਕੀਤੀ ਗਈ। ਹੋਰ ਮੰਗ ਕੀਤੀ ਗਈ ਕਿ ਸਿੱਖ ਵਿਦਿਆਰਥੀਆਂ ਦੀ ਪੜ੍ਹਾਈ ਵਿੱਚ ਰੋਕ ਨਾ ਆਉਣ ਦਿੱਤੀ ਜਾਵੇ ਅਤੇ ਉਨ੍ਹਾਂ ਦੀ ਪੁਨਿਆ ਦਿੱਲੀ ਜਾਂ ਚੰਡੀਗੜ੍ਹ ਵਿੱਚ ਲੈਣ ਦਾ ਪ੍ਰਬੰਧ ਕੀਤਾ ਜਾਵੇ। ਇਸ ਤੋਂ ਪਹਿਲਾਂ ਸੈਂਕੜੇ ਵਰਕਰ ਇੱਕ ਜਲੂਸ ਦੀ ਸ਼ਕਲ ਵਿੱਚ ਤੀਨ ਮੂਰਤੀ ਮਾਰਗ ਤੋਂ ਕਰਨਾਟਕ ਭਵਨ ਗਏ। ਉਹ ਰਾਜ ਸਰਕਾਰ ਵਿਰੁੱਧ ਨਾਹਰੇ ਲਾ ਰਹੇ ਸਨ।
ਸਿੰਘਾਂ ਦੀ ਪਕੜ ਧਕੜ ਜਾਰੀ
ਪਟਿਆਲਾ — ਸਮਾਣਾ ਪੁਲਿਸ ਨੇ ਦੋ ਸਿੱਖਾਂ ਸ. ਜਗਤਾਰ ਸਿੰਘ ਅਤੇ ਕਰਤਾਰ ਸਿੰਘ ਨੂੰ ਜੁਝਾਰੂ ਹੋਣ ਦੇ ਸ਼ੱਕ ਵਿੱਚ ਗ੍ਰਿਫਤਾਰ ਕਰ ਲਿਆ ਹੈ। ਇਸੇ ਤਰ੍ਹਾਂ ਲੁਧਿਆਣਾ ਪੁਲਿਸ ਨੇ ਜਗਰਤਾਰ ਸਿੰਘ ਅਤੇ ਕੁਲਜੀਤ ਸਿੰਘ ਨੂੰ ਇਸੇ ਹੀ ਦੋਸ਼ ਵਿੱਚ ਗ੍ਰਿਫਤਾਰ ਕੀਤਾ ਹੈ। ਪੁਲਿਸ ਨੇ ਇਨ੍ਹਾਂ ਚੋਹਾਂ ਤੋਂ ਕੁਝ ਹਥਿਆਰ ਬਰਾਮਦ ਕੀਤੇ ਹੋਏ ਦੱਸੇ ਹਨ।
